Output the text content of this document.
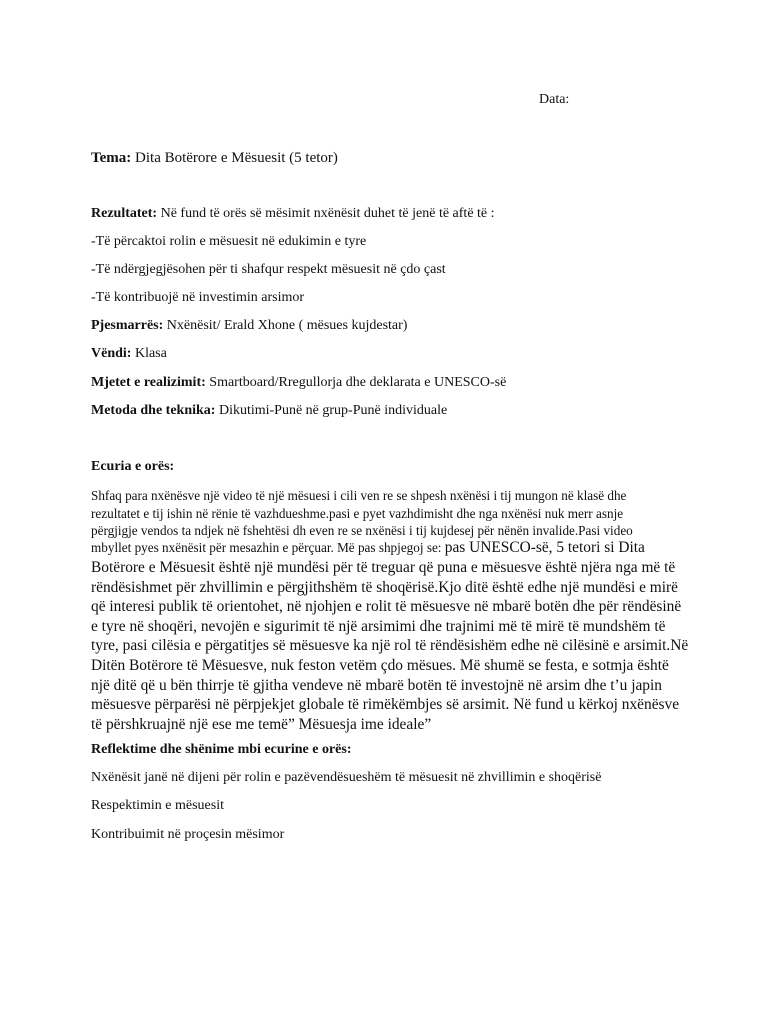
Data:
Tema: Dita Botërore e Mësuesit (5 tetor)
Rezultatet: Në fund të orës së mësimit nxënësit duhet të jenë të aftë të :
-Të përcaktoi rolin e mësuesit në edukimin e tyre
-Të ndërgjegjësohen për ti shafqur respekt mësuesit në çdo çast
-Të kontribuojë në investimin arsimor
Pjesmarrës: Nxënësit/ Erald Xhone ( mësues kujdestar)
Vëndi: Klasa
Mjetet e realizimit: Smartboard/Rregullorja dhe deklarata e UNESCO-së
Metoda dhe teknika: Dikutimi-Punë në grup-Punë individuale
Ecuria e orës:
Shfaq para nxënësve një video të një mësuesi i cili ven re se shpesh nxënësi i tij mungon në klasë dhe
rezultatet e tij ishin në rënie të vazhdueshme.pasi e pyet vazhdimisht dhe nga nxënësi nuk merr asnje
përgjigje vendos ta ndjek në fshehtësi dh even re se nxënësi i tij kujdesej për nënën invalide.Pasi video
mbyllet pyes nxënësit për mesazhin e përçuar. Më pas shpjegoj se: pas UNESCO-së, 5 tetori si Dita
Botërore e Mësuesit është një mundësi për të treguar që puna e mësuesve është njëra nga më të
rëndësishmet për zhvillimin e përgjithshëm të shoqërisë.Kjo ditë është edhe një mundësi e mirë
që interesi publik të orientohet, në njohjen e rolit të mësuesve në mbarë botën dhe për rëndësinë
e tyre në shoqëri, nevojën e sigurimit të një arsimimi dhe trajnimi më të mirë të mundshëm të
tyre, pasi cilësia e përgatitjes së mësuesve ka një rol të rëndësishëm edhe në cilësinë e arsimit.Në
Ditën Botërore të Mësuesve, nuk feston vetëm çdo mësues. Më shumë se festa, e sotmja është
një ditë që u bën thirrje të gjitha vendeve në mbarë botën të investojnë në arsim dhe t’u japin
mësuesve përparësi në përpjekjet globale të rimëkëmbjes së arsimit. Në fund u kërkoj nxënësve
të përshkruajnë një ese me temë” Mësuesja ime ideale”
Reflektime dhe shënime mbi ecurine e orës:
Nxënësit janë në dijeni për rolin e pazëvendësueshëm të mësuesit në zhvillimin e shoqërisë
Respektimin e mësuesit
Kontribuimit në proçesin mësimor
